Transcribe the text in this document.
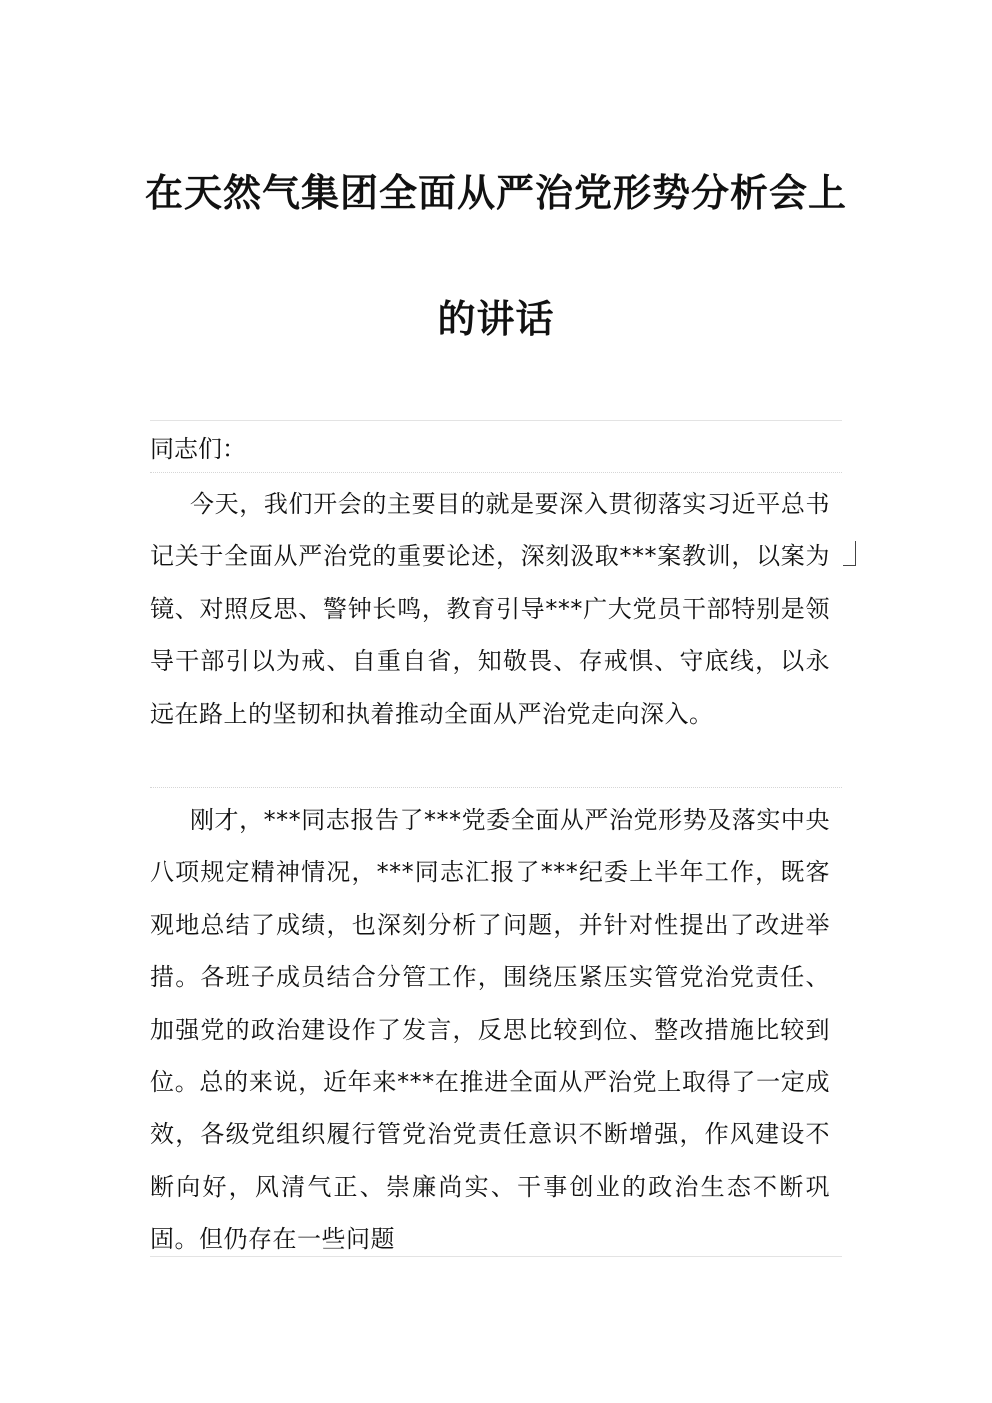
在天然气集团全面从严治党形势分析会上
的讲话

同志们：

今天，我们开会的主要目的就是要深入贯彻落实习近平总书记关于全面从严治党的重要论述，深刻汲取***案教训，以案为镜、对照反思、警钟长鸣，教育引导***广大党员干部特别是领导干部引以为戒、自重自省，知敬畏、存戒惧、守底线，以永远在路上的坚韧和执着推动全面从严治党走向深入。

刚才，***同志报告了***党委全面从严治党形势及落实中央八项规定精神情况，***同志汇报了***纪委上半年工作，既客观地总结了成绩，也深刻分析了问题，并针对性提出了改进举措。各班子成员结合分管工作，围绕压紧压实管党治党责任、加强党的政治建设作了发言，反思比较到位、整改措施比较到位。总的来说，近年来***在推进全面从严治党上取得了一定成效，各级党组织履行管党治党责任意识不断增强，作风建设不断向好，风清气正、崇廉尚实、干事创业的政治生态不断巩固。但仍存在一些问题
